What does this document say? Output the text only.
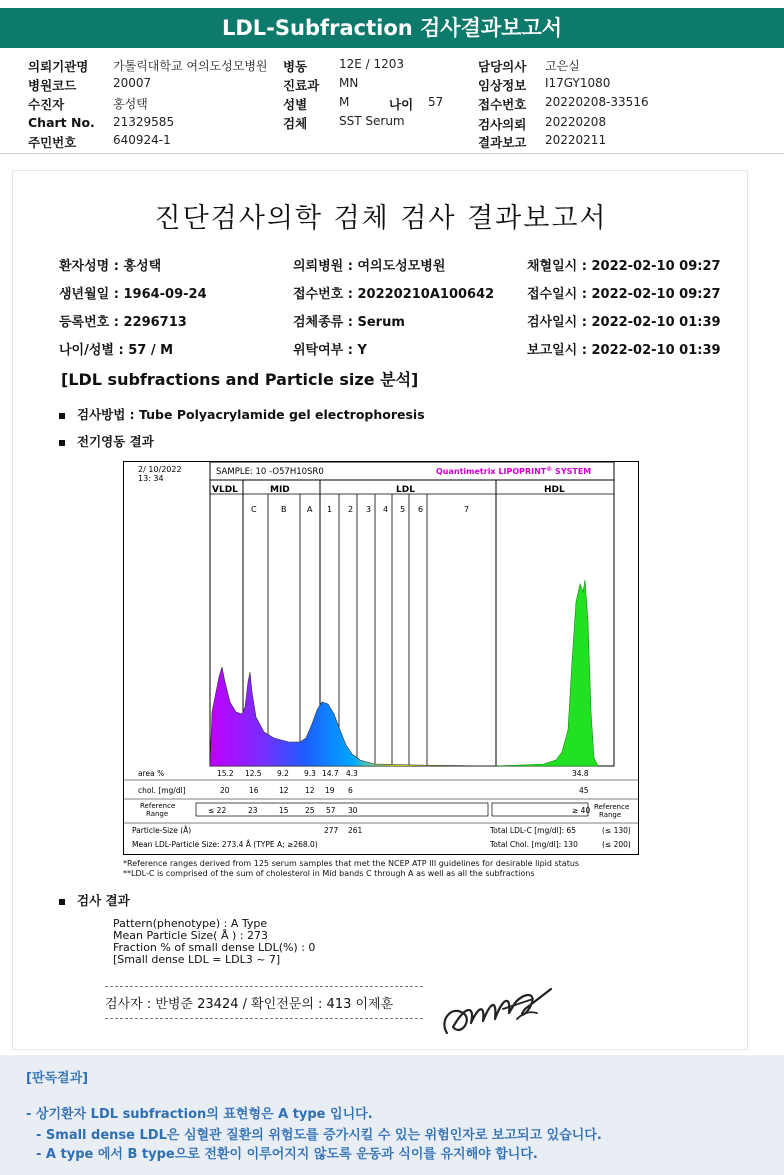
LDL-Subfraction 검사결과보고서
의뢰기관명 가톨릭대학교 여의도성모병원
병원코드	20007
수진자	홍성택
Chart No. 21329585
주민번호	640924-1
병동	12E / 1203
진료과 MN
성별	M	나이 57
검체	SST Serum
담당의사 고은실
임상정보 I17GY1080
접수번호 20220208-33516
검사의뢰 20220208
결과보고 20220211
진단검사의학 검체 검사 결과보고서
환자성명 : 홍성택	의뢰병원 : 여의도성모병원	채혈일시 : 2022-02-10 09:27
생년월일 : 1964-09-24	접수번호 : 20220210A100642	접수일시 : 2022-02-10 09:27
등록번호 : 2296713	검체종류 : Serum	검사일시 : 2022-02-10 01:39
나이/성별 : 57 / M	위탁여부 : Y	보고일시 : 2022-02-10 01:39
[LDL subfractions and Particle size 분석]
검사방법 : Tube Polyacrylamide gel electrophoresis
전기영동 결과
2/ 10/2022
13: 34
SAMPLE: 10 -O57H10SR0	Quantimetrix LIPOPRINT® SYSTEM
VLDL	MID	LDL	HDL
C	B	A 1 2 3 4 5 6	7
area %	15.2 12.5 9.2 9.3 14.7 4.3	34.8
chol. [mg/dl]	20	16	12 12 19 6	45
Reference Range	≤ 22	23	15 25 57 30	≥ 40 Reference Range
Particle-Size (Å)	277 261
Mean LDL-Particle Size: 273.4 Å (TYPE A; ≥268.0)
Total LDL-C [mg/dl]: 65	(≤ 130)
Total Chol. [mg/dl]: 130	(≤ 200)
*Reference ranges derived from 125 serum samples that met the NCEP ATP III guidelines for desirable lipid status
**LDL-C is comprised of the sum of cholesterol in Mid bands C through A as well as all the subfractions
검사 결과
Pattern(phenotype) : A Type
Mean Particle Size( Å ) : 273
Fraction % of small dense LDL(%) : 0
[Small dense LDL = LDL3 ~ 7]
검사자 : 반병준 23424 / 확인전문의 : 413 이제훈
[판독결과]
- 상기환자 LDL subfraction의 표현형은 A type 입니다.
- Small dense LDL은 심혈관 질환의 위험도를 증가시킬 수 있는 위험인자로 보고되고 있습니다.
- A type 에서 B type으로 전환이 이루어지지 않도록 운동과 식이를 유지해야 합니다.
